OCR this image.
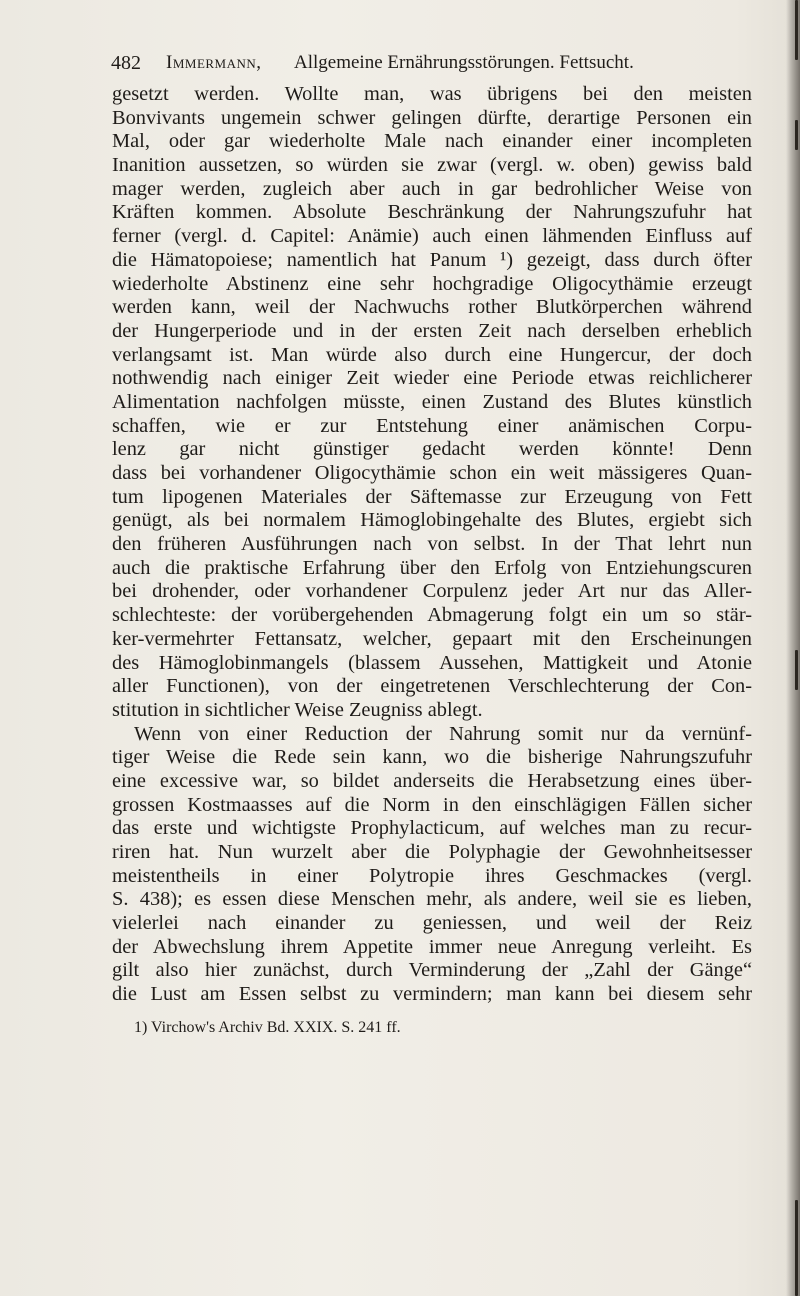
482 Immermann, Allgemeine Ernährungsstörungen. Fettsucht.
gesetzt werden. Wollte man, was übrigens bei den meisten
Bonvivants ungemein schwer gelingen dürfte, derartige Personen ein
Mal, oder gar wiederholte Male nach einander einer incompleten
Inanition aussetzen, so würden sie zwar (vergl. w. oben) gewiss bald
mager werden, zugleich aber auch in gar bedrohlicher Weise von
Kräften kommen. Absolute Beschränkung der Nahrungszufuhr hat
ferner (vergl. d. Capitel: Anämie) auch einen lähmenden Einfluss auf
die Hämatopoiese; namentlich hat Panum ¹) gezeigt, dass durch öfter
wiederholte Abstinenz eine sehr hochgradige Oligocythämie erzeugt
werden kann, weil der Nachwuchs rother Blutkörperchen während
der Hungerperiode und in der ersten Zeit nach derselben erheblich
verlangsamt ist. Man würde also durch eine Hungercur, der doch
nothwendig nach einiger Zeit wieder eine Periode etwas reichlicherer
Alimentation nachfolgen müsste, einen Zustand des Blutes künstlich
schaffen, wie er zur Entstehung einer anämischen Corpu-
lenz gar nicht günstiger gedacht werden könnte! Denn
dass bei vorhandener Oligocythämie schon ein weit mässigeres Quan-
tum lipogenen Materiales der Säftemasse zur Erzeugung von Fett
genügt, als bei normalem Hämoglobingehalte des Blutes, ergiebt sich
den früheren Ausführungen nach von selbst. In der That lehrt nun
auch die praktische Erfahrung über den Erfolg von Entziehungscuren
bei drohender, oder vorhandener Corpulenz jeder Art nur das Aller-
schlechteste: der vorübergehenden Abmagerung folgt ein um so stär-
ker-vermehrter Fettansatz, welcher, gepaart mit den Erscheinungen
des Hämoglobinmangels (blassem Aussehen, Mattigkeit und Atonie
aller Functionen), von der eingetretenen Verschlechterung der Con-
stitution in sichtlicher Weise Zeugniss ablegt.
Wenn von einer Reduction der Nahrung somit nur da vernünf-
tiger Weise die Rede sein kann, wo die bisherige Nahrungszufuhr
eine excessive war, so bildet anderseits die Herabsetzung eines über-
grossen Kostmaasses auf die Norm in den einschlägigen Fällen sicher
das erste und wichtigste Prophylacticum, auf welches man zu recur-
riren hat. Nun wurzelt aber die Polyphagie der Gewohnheitsesser
meistentheils in einer Polytropie ihres Geschmackes (vergl.
S. 438); es essen diese Menschen mehr, als andere, weil sie es lieben,
vielerlei nach einander zu geniessen, und weil der Reiz
der Abwechslung ihrem Appetite immer neue Anregung verleiht. Es
gilt also hier zunächst, durch Verminderung der „Zahl der Gänge“
die Lust am Essen selbst zu vermindern; man kann bei diesem sehr
1) Virchow's Archiv Bd. XXIX. S. 241 ff.
